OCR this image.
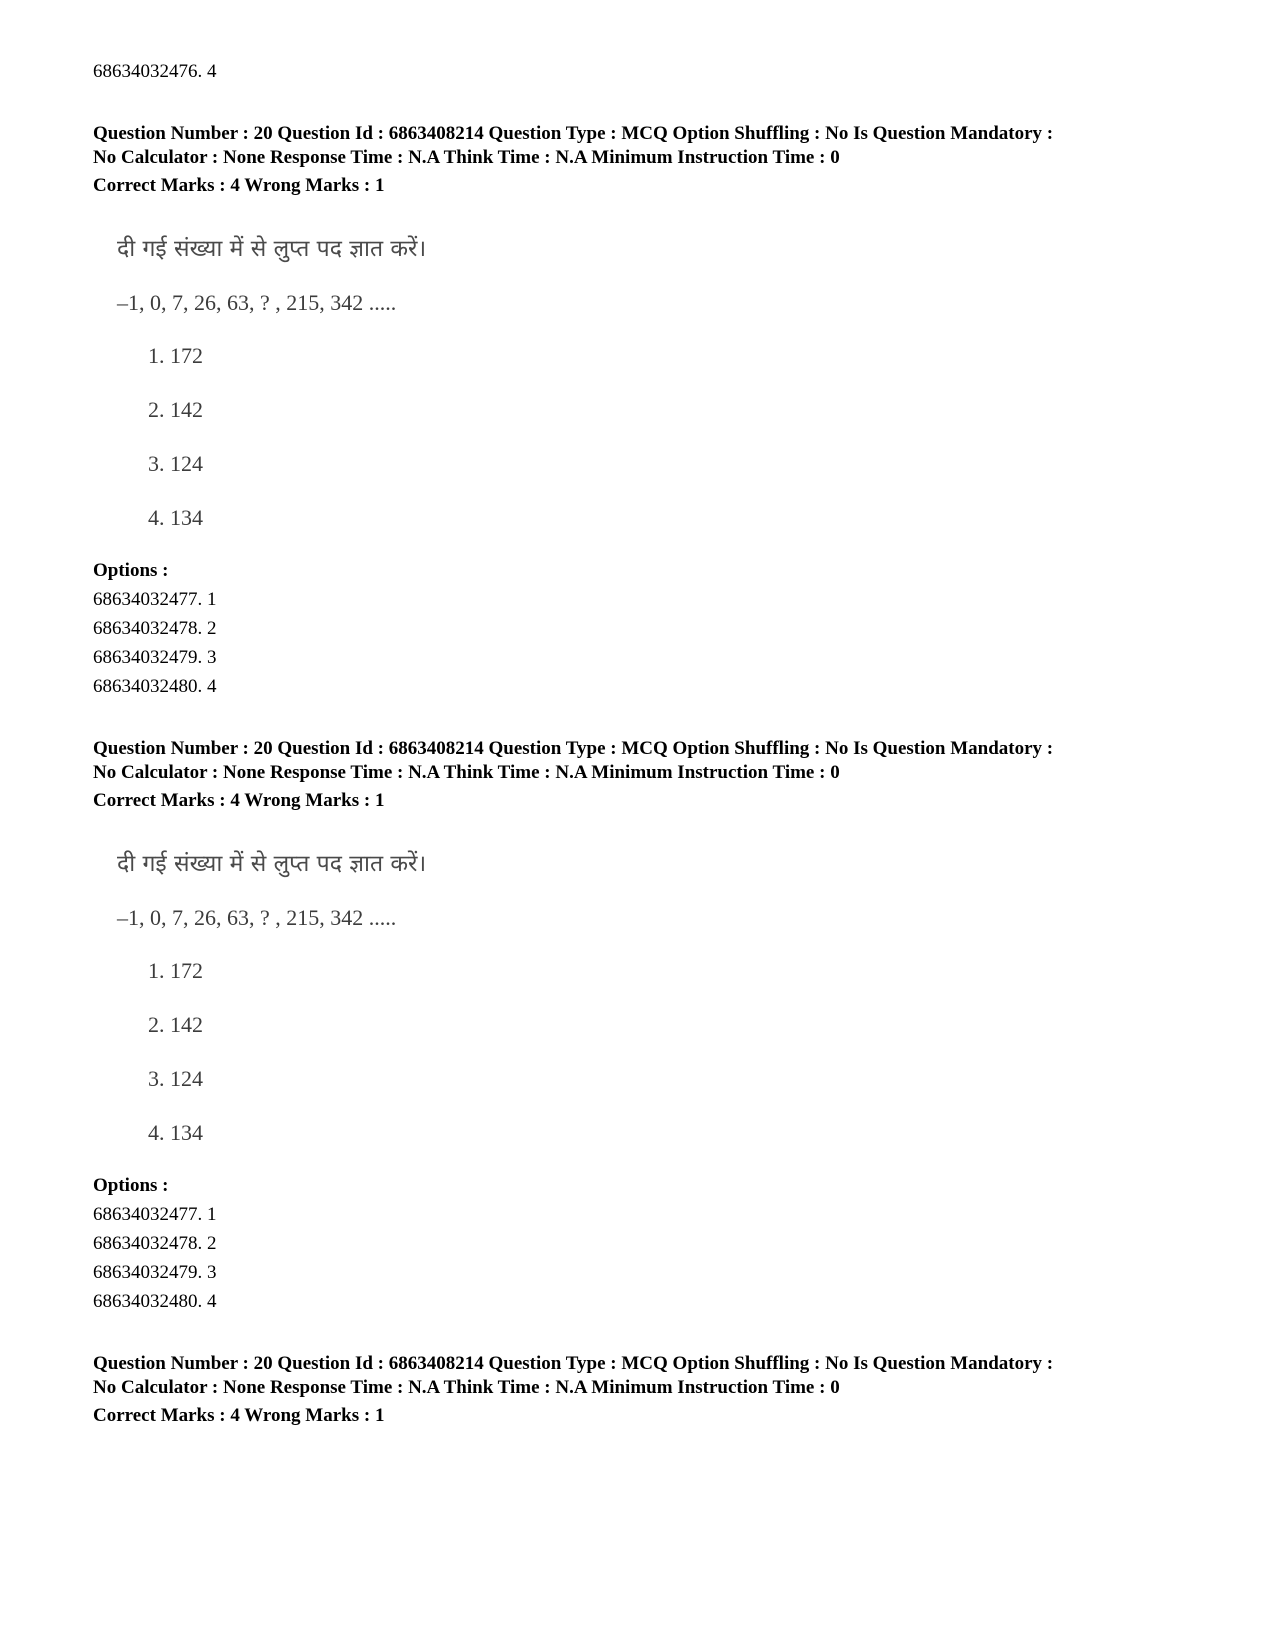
68634032476. 4
Question Number : 20 Question Id : 6863408214 Question Type : MCQ Option Shuffling : No Is Question Mandatory :
No Calculator : None Response Time : N.A Think Time : N.A Minimum Instruction Time : 0
Correct Marks : 4 Wrong Marks : 1
दी गई संख्या में से लुप्त पद ज्ञात करें।
–1, 0, 7, 26, 63, ? , 215, 342 .....
1. 172
2. 142
3. 124
4. 134
Options :
68634032477. 1
68634032478. 2
68634032479. 3
68634032480. 4
Question Number : 20 Question Id : 6863408214 Question Type : MCQ Option Shuffling : No Is Question Mandatory :
No Calculator : None Response Time : N.A Think Time : N.A Minimum Instruction Time : 0
Correct Marks : 4 Wrong Marks : 1
दी गई संख्या में से लुप्त पद ज्ञात करें।
–1, 0, 7, 26, 63, ? , 215, 342 .....
1. 172
2. 142
3. 124
4. 134
Options :
68634032477. 1
68634032478. 2
68634032479. 3
68634032480. 4
Question Number : 20 Question Id : 6863408214 Question Type : MCQ Option Shuffling : No Is Question Mandatory :
No Calculator : None Response Time : N.A Think Time : N.A Minimum Instruction Time : 0
Correct Marks : 4 Wrong Marks : 1
